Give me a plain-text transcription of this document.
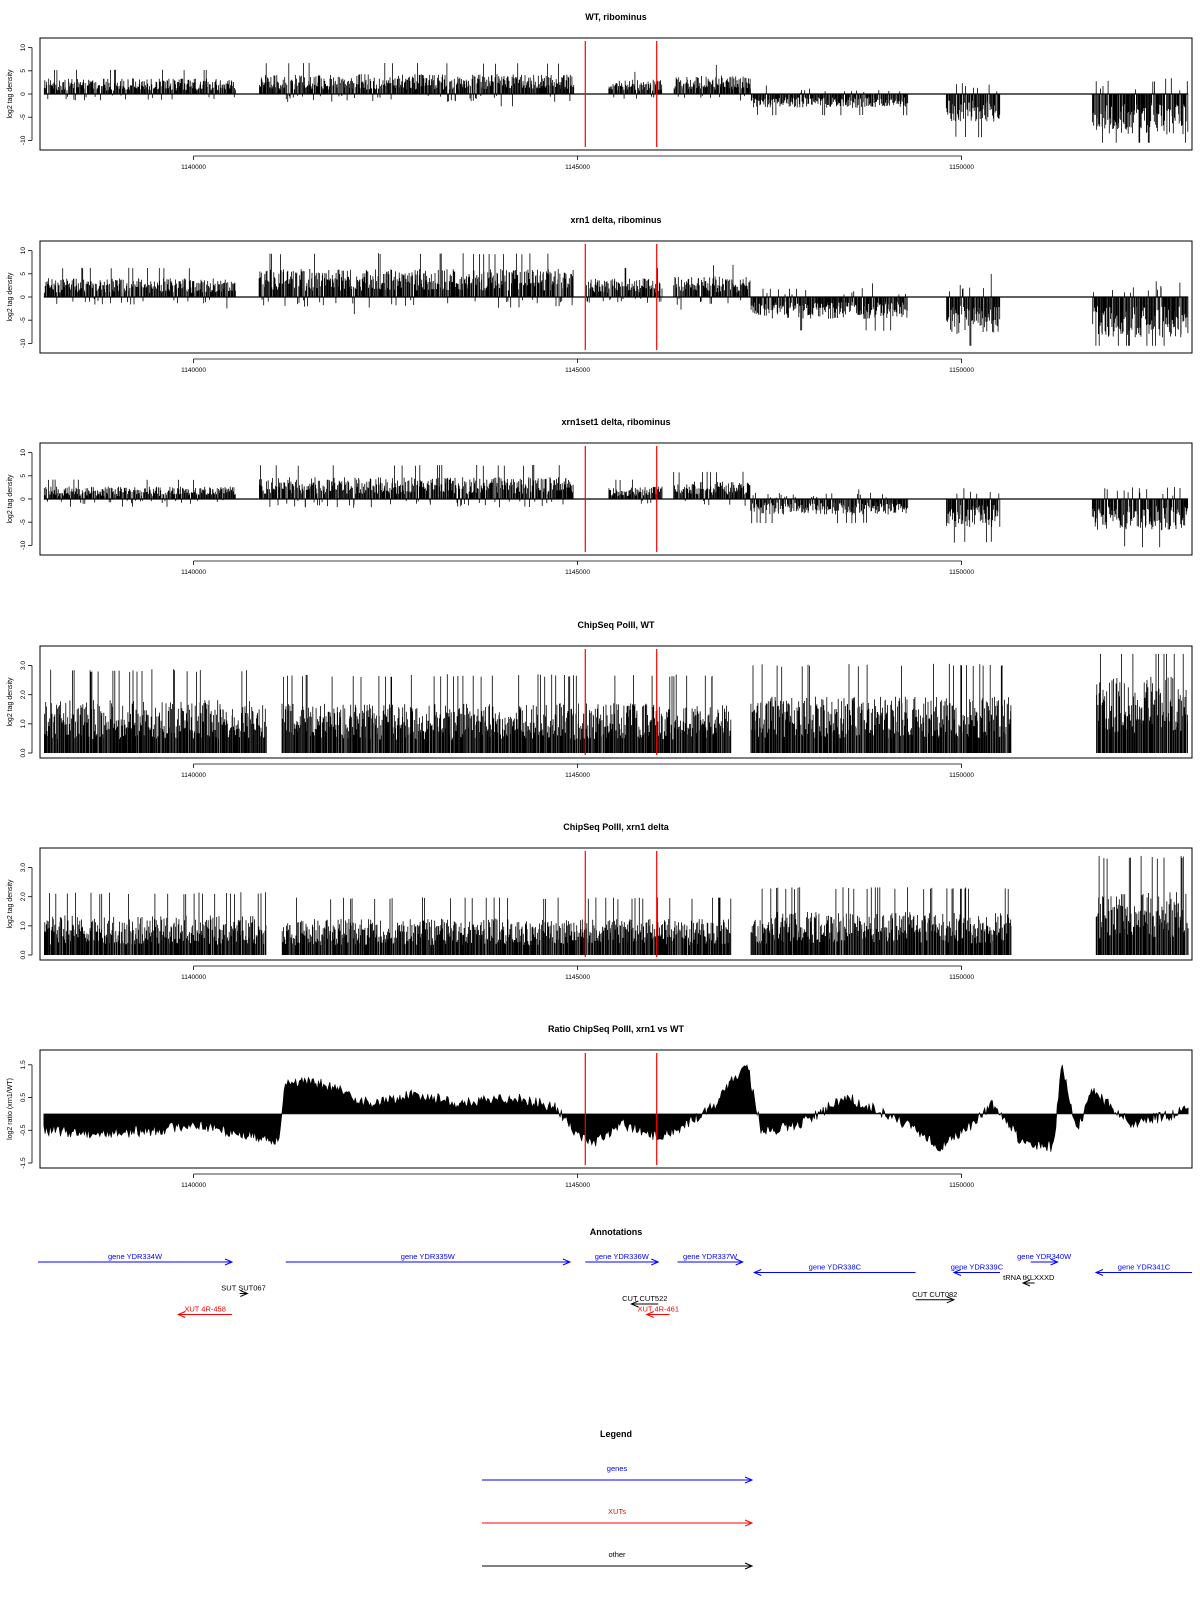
WT, ribominus
10
5
0
-5
-10
log2 tag density
1140000	1145000	1150000
xrn1 delta, ribominus
10
5
0
-5
-10
log2 tag density
1140000	1145000	1150000
xrn1set1 delta, ribominus
10
5
0
-5
-10
log2 tag density
1140000	1145000	1150000
ChipSeq PolII, WT
0.0
1.0
2.0
3.0
log2 tag density
1140000	1145000	1150000
ChipSeq PolII, xrn1 delta
0.0
1.0
2.0
3.0
log2 tag density
1140000	1145000	1150000
Ratio ChipSeq PolII, xrn1 vs WT
1.5
0.5
-0.5
-1.5
log2 ratio (xrn1/WT)
1140000	1145000	1150000
Annotations
gene YDR334W	gene YDR335W	gene YDR336W	gene YDR337W
gene YDR338C	gene YDR339C
gene YDR340W
gene YDR341C
tRNA tKLXXXD
SUT SUT067
CUT CUT522	CUT CUT082
XUT 4R-458	XUT 4R-461
Legend
genes
XUTs
other
